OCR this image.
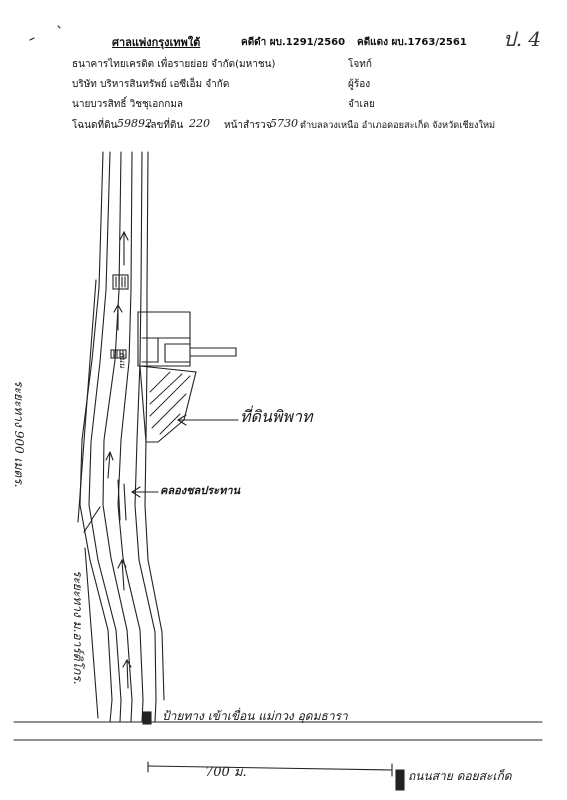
ศาลแพ่งกรุงเทพใต้	คดีดำ ผบ.1291/2560 คดีแดง ผบ.1763/2561 ป. 4
ธนาคารไทยเครดิต เพื่อรายย่อย จำกัด(มหาชน)	โจทก์
บริษัท บริหารสินทรัพย์ เอซีเอ็ม จำกัด	ผู้ร้อง
นายบวรสิทธิ์ วิชชุเอกกมล	จำเลย
โฉนดที่ดิน 59892
เลขที่ดิน 220 หน้าสำรวจ
5730 ตำบลลวงเหนือ อำเภอดอยสะเก็ด จังหวัดเชียงใหม่
ระยะทาง 900 เมตร.
ระยะทาง ม.อาร์ติโกร.
ถนน
คลองชลประทาน
ที่ดินพิพาท
ป้ายทาง เข้าเขื่อน แม่กวง อุดมธารา
700 ม.	ถนนสาย ดอยสะเก็ด
